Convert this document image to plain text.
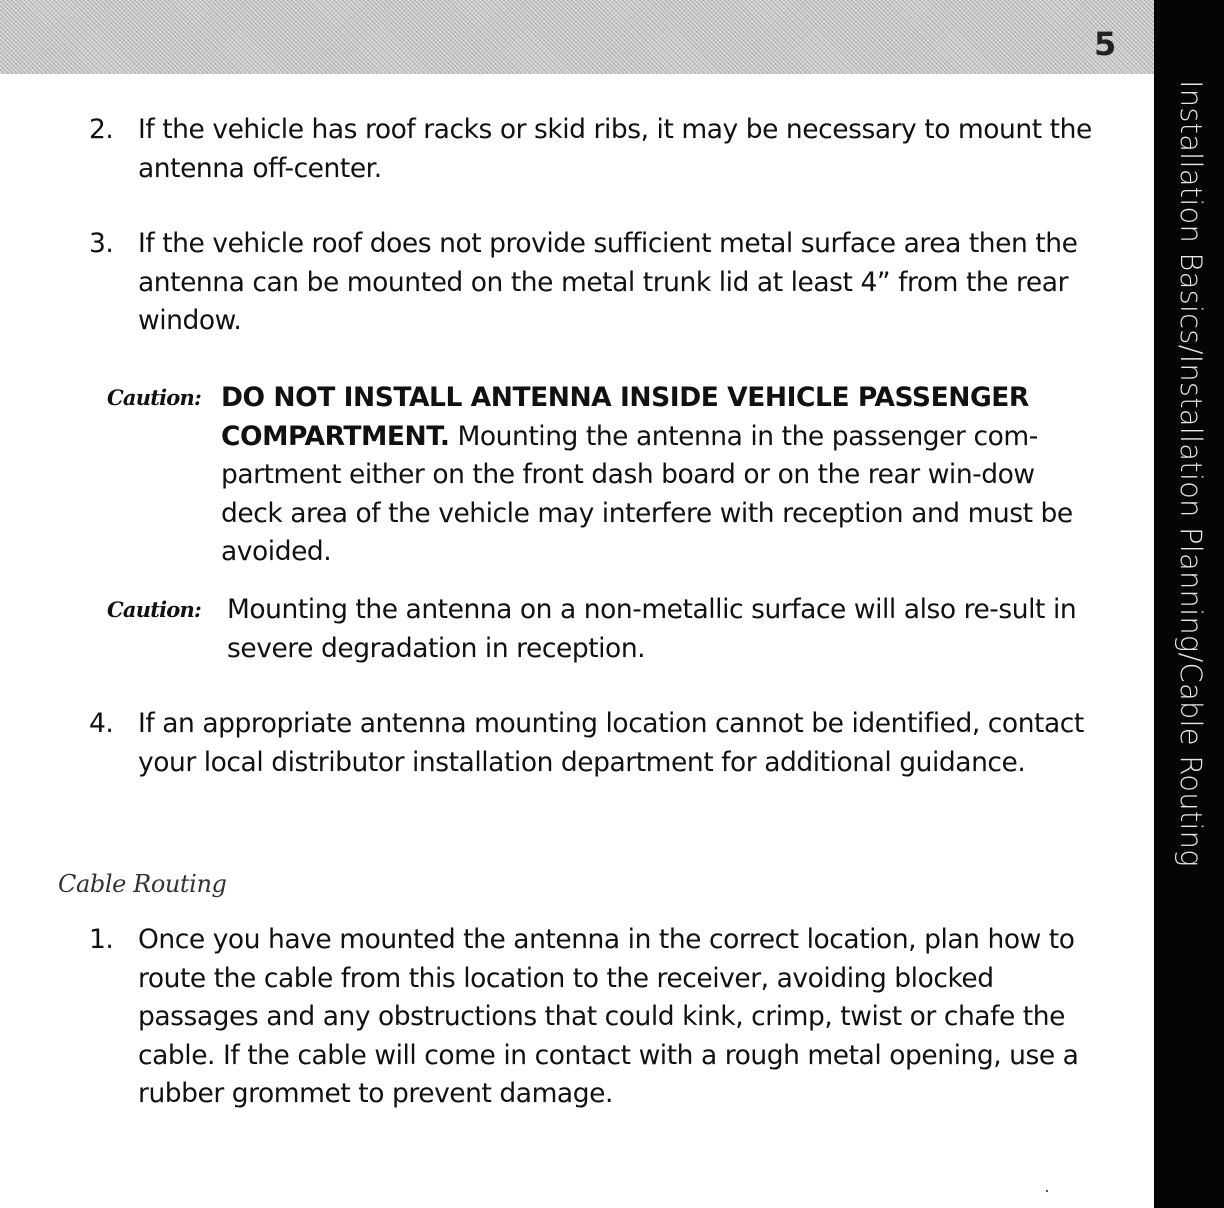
5
Installation Basics/Installation Planning/Cable Routing
2. If the vehicle has roof racks or skid ribs, it may be necessary to mount the antenna off-center.
3. If the vehicle roof does not provide sufficient metal surface area then the antenna can be mounted on the metal trunk lid at least 4” from the rear window.
Caution: DO NOT INSTALL ANTENNA INSIDE VEHICLE PASSENGER COMPARTMENT. Mounting the antenna in the passenger com-partment either on the front dash board or on the rear win-dow deck area of the vehicle may interfere with reception and must be avoided.
Caution: Mounting the antenna on a non-metallic surface will also re-sult in severe degradation in reception.
4. If an appropriate antenna mounting location cannot be identified, contact your local distributor installation department for additional guidance.
Cable Routing
1. Once you have mounted the antenna in the correct location, plan how to route the cable from this location to the receiver, avoiding blocked passages and any obstructions that could kink, crimp, twist or chafe the cable. If the cable will come in contact with a rough metal opening, use a rubber grommet to prevent damage.
